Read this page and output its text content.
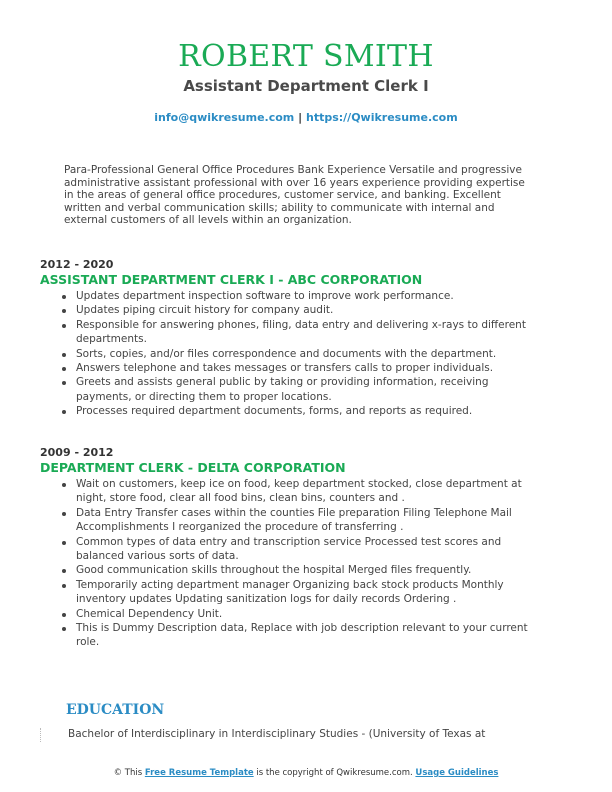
ROBERT SMITH
Assistant Department Clerk I
info@qwikresume.com | https://Qwikresume.com
Para-Professional General Office Procedures Bank Experience Versatile and progressive administrative assistant professional with over 16 years experience providing expertise in the areas of general office procedures, customer service, and banking. Excellent written and verbal communication skills; ability to communicate with internal and external customers of all levels within an organization.
2012 - 2020
ASSISTANT DEPARTMENT CLERK I - ABC CORPORATION
Updates department inspection software to improve work performance.
Updates piping circuit history for company audit.
Responsible for answering phones, filing, data entry and delivering x-rays to different departments.
Sorts, copies, and/or files correspondence and documents with the department.
Answers telephone and takes messages or transfers calls to proper individuals.
Greets and assists general public by taking or providing information, receiving payments, or directing them to proper locations.
Processes required department documents, forms, and reports as required.
2009 - 2012
DEPARTMENT CLERK - DELTA CORPORATION
Wait on customers, keep ice on food, keep department stocked, close department at night, store food, clear all food bins, clean bins, counters and .
Data Entry Transfer cases within the counties File preparation Filing Telephone Mail Accomplishments I reorganized the procedure of transferring .
Common types of data entry and transcription service Processed test scores and balanced various sorts of data.
Good communication skills throughout the hospital Merged files frequently.
Temporarily acting department manager Organizing back stock products Monthly inventory updates Updating sanitization logs for daily records Ordering .
Chemical Dependency Unit.
This is Dummy Description data, Replace with job description relevant to your current role.
EDUCATION
Bachelor of Interdisciplinary in Interdisciplinary Studies - (University of Texas at
© This Free Resume Template is the copyright of Qwikresume.com. Usage Guidelines
